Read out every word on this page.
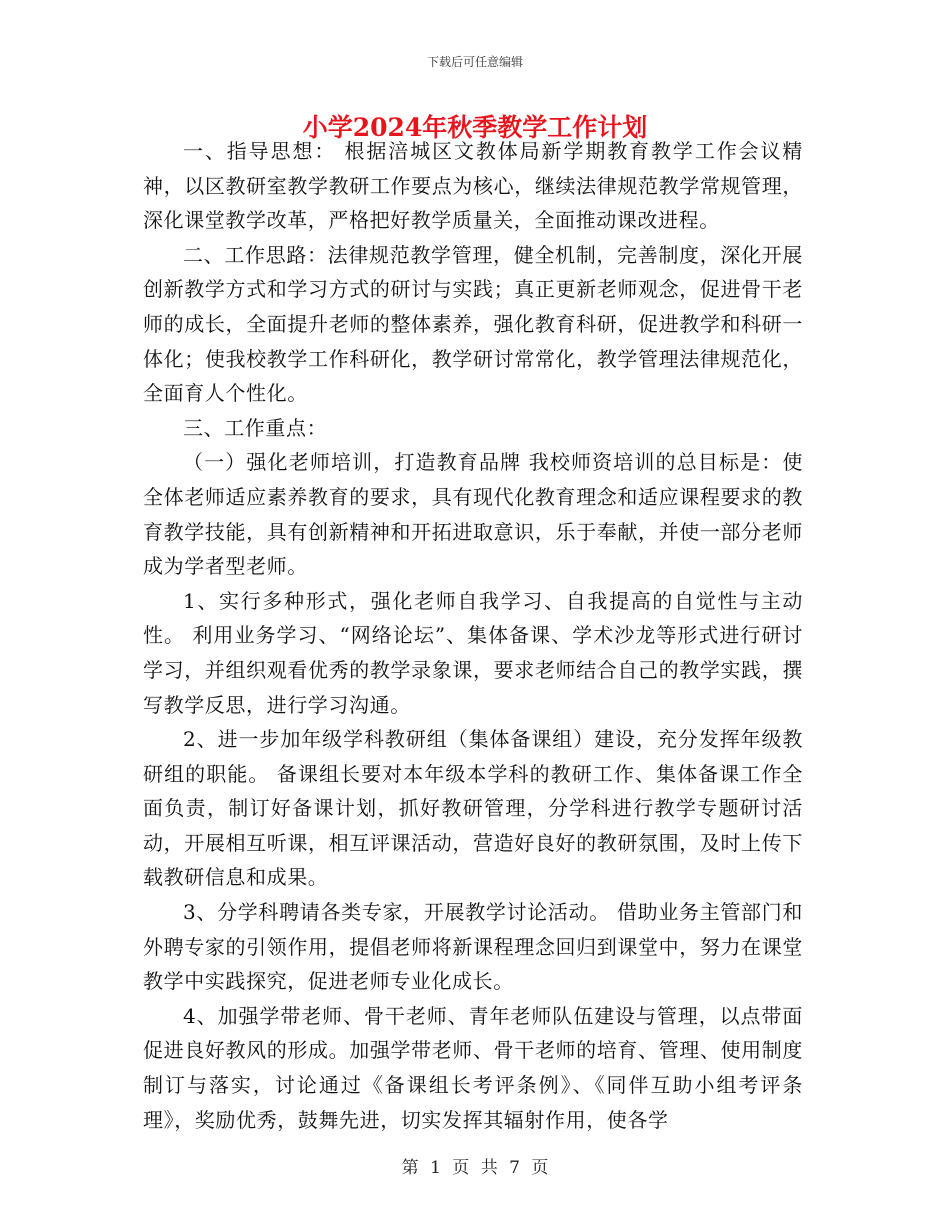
下载后可任意编辑
小学2024年秋季教学工作计划

一、指导思想： 根据涪城区文教体局新学期教育教学工作会议精神，以区教研室教学教研工作要点为核心，继续法律规范教学常规管理，深化课堂教学改革，严格把好教学质量关，全面推动课改进程。

二、工作思路：法律规范教学管理，健全机制，完善制度，深化开展创新教学方式和学习方式的研讨与实践；真正更新老师观念，促进骨干老师的成长，全面提升老师的整体素养，强化教育科研，促进教学和科研一体化；使我校教学工作科研化，教学研讨常常化，教学管理法律规范化，全面育人个性化。

三、工作重点：

（一）强化老师培训，打造教育品牌 我校师资培训的总目标是：使全体老师适应素养教育的要求，具有现代化教育理念和适应课程要求的教育教学技能，具有创新精神和开拓进取意识，乐于奉献，并使一部分老师成为学者型老师。

1、实行多种形式，强化老师自我学习、自我提高的自觉性与主动性。 利用业务学习、“网络论坛”、集体备课、学术沙龙等形式进行研讨学习，并组织观看优秀的教学录象课，要求老师结合自己的教学实践，撰写教学反思，进行学习沟通。

2、进一步加年级学科教研组（集体备课组）建设，充分发挥年级教研组的职能。 备课组长要对本年级本学科的教研工作、集体备课工作全面负责，制订好备课计划，抓好教研管理，分学科进行教学专题研讨活动，开展相互听课，相互评课活动，营造好良好的教研氛围，及时上传下载教研信息和成果。

3、分学科聘请各类专家，开展教学讨论活动。 借助业务主管部门和外聘专家的引领作用，提倡老师将新课程理念回归到课堂中，努力在课堂教学中实践探究，促进老师专业化成长。

4、加强学带老师、骨干老师、青年老师队伍建设与管理，以点带面促进良好教风的形成。加强学带老师、骨干老师的培育、管理、使用制度制订与落实，讨论通过《备课组长考评条例》、《同伴互助小组考评条理》，奖励优秀，鼓舞先进，切实发挥其辐射作用，使各学

第 1 页 共 7 页
